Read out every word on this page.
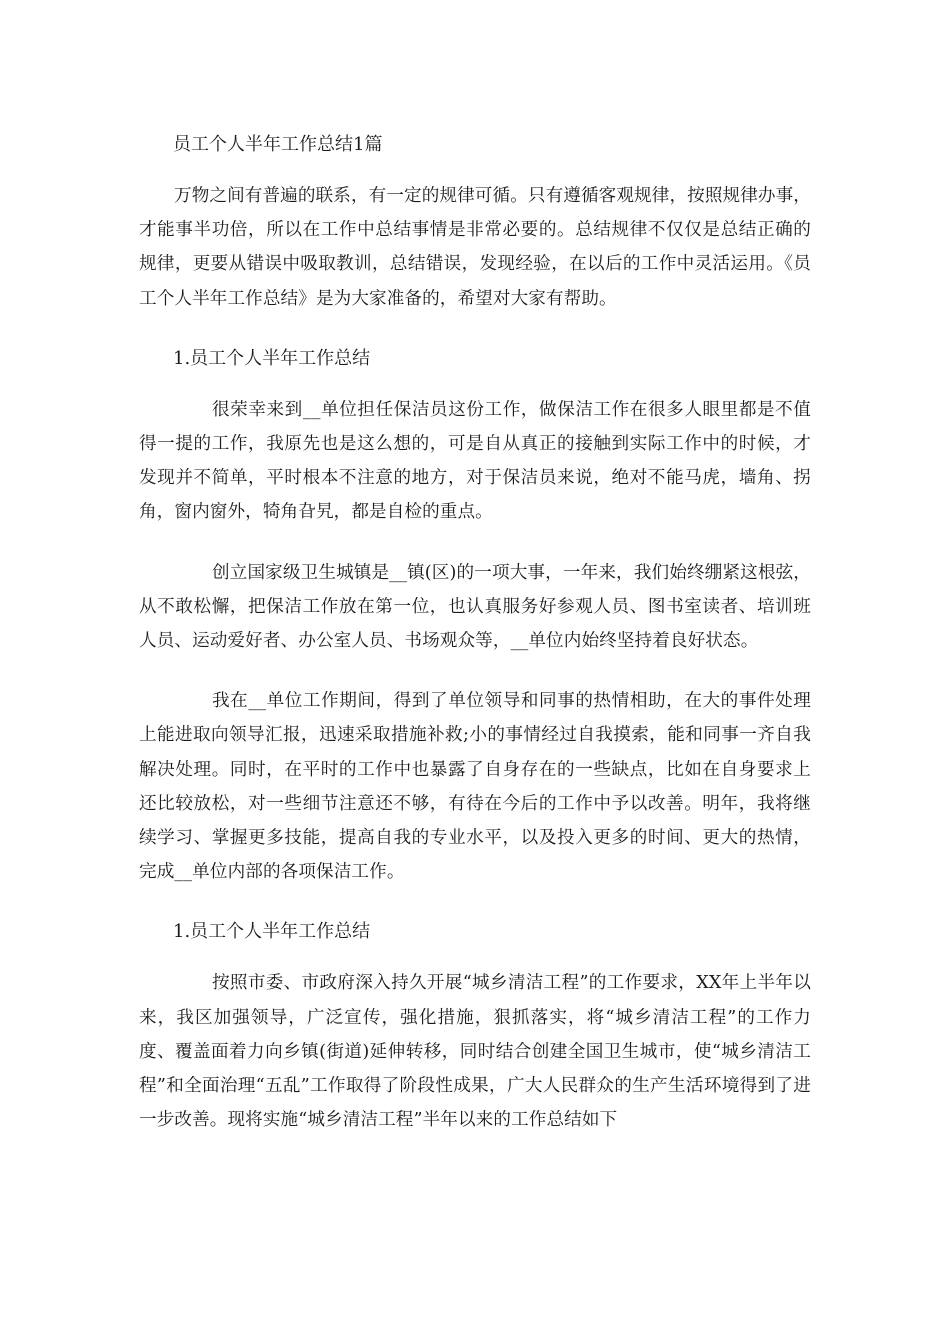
员工个人半年工作总结1篇

万物之间有普遍的联系，有一定的规律可循。只有遵循客观规律，按照规律办事，才能事半功倍，所以在工作中总结事情是非常必要的。总结规律不仅仅是总结正确的规律，更要从错误中吸取教训，总结错误，发现经验，在以后的工作中灵活运用。《员工个人半年工作总结》是为大家准备的，希望对大家有帮助。

1.员工个人半年工作总结

很荣幸来到__单位担任保洁员这份工作，做保洁工作在很多人眼里都是不值得一提的工作，我原先也是这么想的，可是自从真正的接触到实际工作中的时候，才发现并不简单，平时根本不注意的地方，对于保洁员来说，绝对不能马虎，墙角、拐角，窗内窗外，犄角旮旯，都是自检的重点。

创立国家级卫生城镇是__镇(区)的一项大事，一年来，我们始终绷紧这根弦，从不敢松懈，把保洁工作放在第一位，也认真服务好参观人员、图书室读者、培训班人员、运动爱好者、办公室人员、书场观众等，__单位内始终坚持着良好状态。

我在__单位工作期间，得到了单位领导和同事的热情相助，在大的事件处理上能进取向领导汇报，迅速采取措施补救;小的事情经过自我摸索，能和同事一齐自我解决处理。同时，在平时的工作中也暴露了自身存在的一些缺点，比如在自身要求上还比较放松，对一些细节注意还不够，有待在今后的工作中予以改善。明年，我将继续学习、掌握更多技能，提高自我的专业水平，以及投入更多的时间、更大的热情，完成__单位内部的各项保洁工作。

1.员工个人半年工作总结

按照市委、市政府深入持久开展“城乡清洁工程”的工作要求，XX年上半年以来，我区加强领导，广泛宣传，强化措施，狠抓落实，将“城乡清洁工程”的工作力度、覆盖面着力向乡镇(街道)延伸转移，同时结合创建全国卫生城市，使“城乡清洁工程”和全面治理“五乱”工作取得了阶段性成果，广大人民群众的生产生活环境得到了进一步改善。现将实施“城乡清洁工程”半年以来的工作总结如下
